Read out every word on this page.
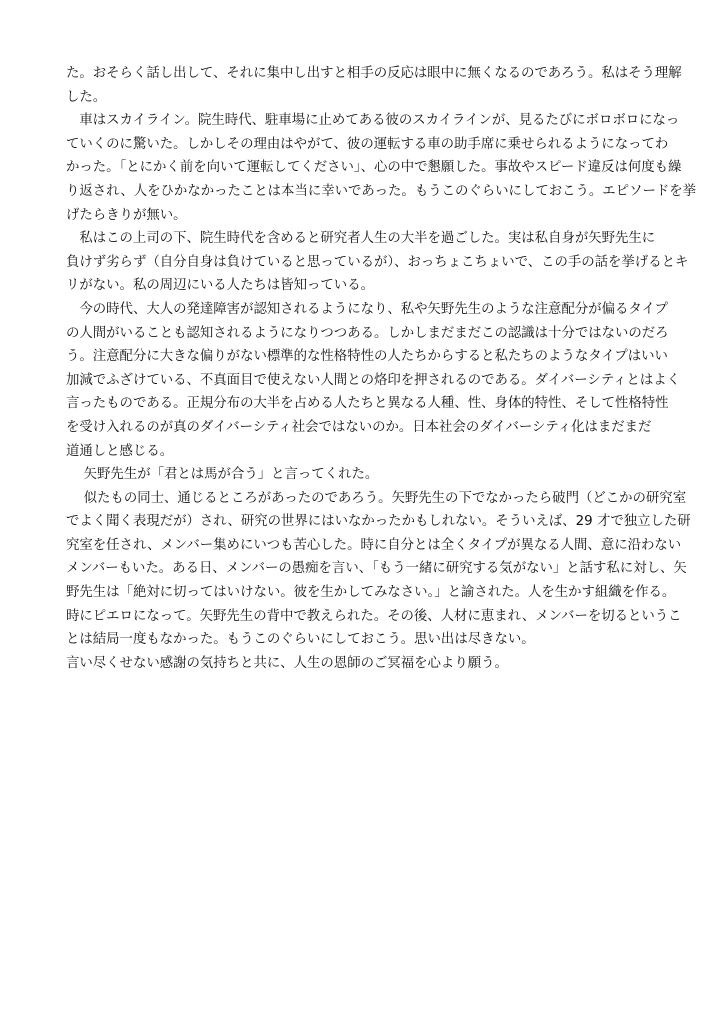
た。おそらく話し出して、それに集中し出すと相手の反応は眼中に無くなるのであろう。私はそう理解
した。
　車はスカイライン。院生時代、駐車場に止めてある彼のスカイラインが、見るたびにボロボロになっ
ていくのに驚いた。しかしその理由はやがて、彼の運転する車の助手席に乗せられるようになってわ
かった。「とにかく前を向いて運転してください」、心の中で懇願した。事故やスピード違反は何度も繰
り返され、人をひかなかったことは本当に幸いであった。もうこのぐらいにしておこう。エピソードを挙
げたらきりが無い。
　私はこの上司の下、院生時代を含めると研究者人生の大半を過ごした。実は私自身が矢野先生に
負けず劣らず（自分自身は負けていると思っているが）、おっちょこちょいで、この手の話を挙げるとキ
リがない。私の周辺にいる人たちは皆知っている。
　今の時代、大人の発達障害が認知されるようになり、私や矢野先生のような注意配分が偏るタイプ
の人間がいることも認知されるようになりつつある。しかしまだまだこの認識は十分ではないのだろ
う。注意配分に大きな偏りがない標準的な性格特性の人たちからすると私たちのようなタイプはいい
加減でふざけている、不真面目で使えない人間との烙印を押されるのである。ダイバーシティとはよく
言ったものである。正規分布の大半を占める人たちと異なる人種、性、身体的特性、そして性格特性
を受け入れるのが真のダイバーシティ社会ではないのか。日本社会のダイバーシティ化はまだまだ
道通しと感じる。
　 矢野先生が「君とは馬が合う」と言ってくれた。
　 似たもの同士、通じるところがあったのであろう。矢野先生の下でなかったら破門（どこかの研究室
でよく聞く表現だが）され、研究の世界にはいなかったかもしれない。そういえば、29 才で独立した研
究室を任され、メンバー集めにいつも苦心した。時に自分とは全くタイプが異なる人間、意に沿わない
メンバーもいた。ある日、メンバーの愚痴を言い、「もう一緒に研究する気がない」と話す私に対し、矢
野先生は「絶対に切ってはいけない。彼を生かしてみなさい。」と諭された。人を生かす組織を作る。
時にピエロになって。矢野先生の背中で教えられた。その後、人材に恵まれ、メンバーを切るというこ
とは結局一度もなかった。もうこのぐらいにしておこう。思い出は尽きない。
言い尽くせない感謝の気持ちと共に、人生の恩師のご冥福を心より願う。
